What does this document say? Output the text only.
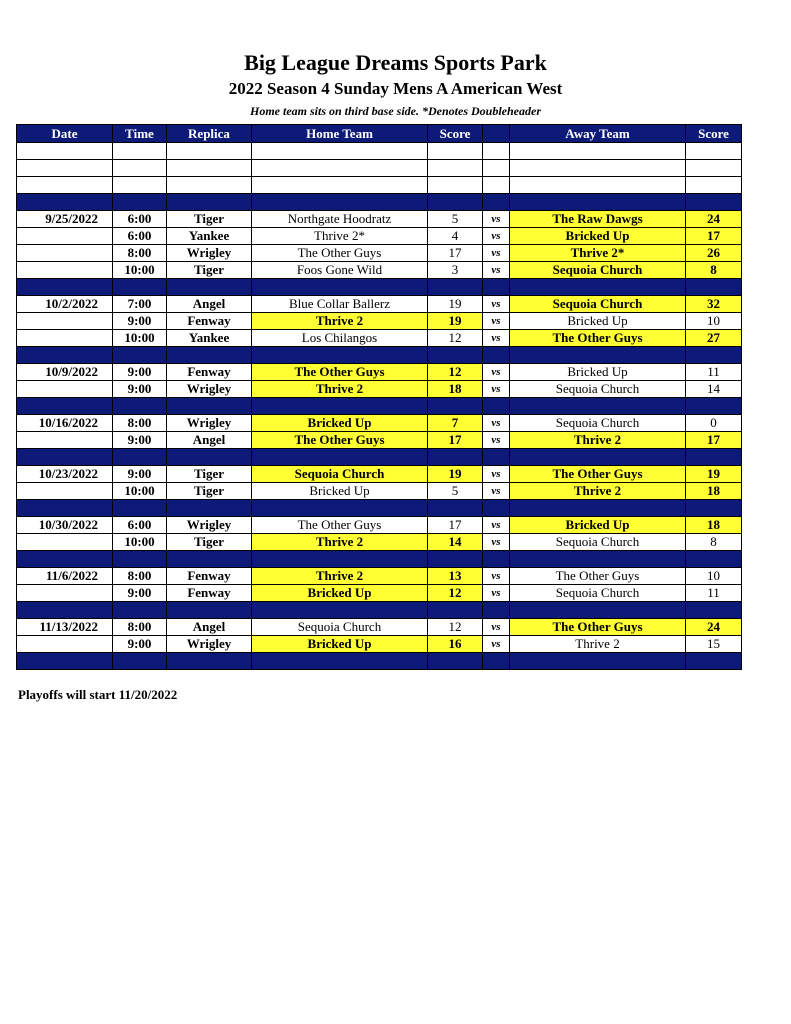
Big League Dreams Sports Park
2022 Season 4 Sunday Mens A American West
Home team sits on third base side. *Denotes Doubleheader
Date	Time	Replica	Home Team	Score		Away Team	Score

9/25/2022	6:00	Tiger	Northgate Hoodratz	5	vs	The Raw Dawgs	24
	6:00	Yankee	Thrive 2*	4	vs	Bricked Up	17
	8:00	Wrigley	The Other Guys	17	vs	Thrive 2*	26
	10:00	Tiger	Foos Gone Wild	3	vs	Sequoia Church	8

10/2/2022	7:00	Angel	Blue Collar Ballerz	19	vs	Sequoia Church	32
	9:00	Fenway	Thrive 2	19	vs	Bricked Up	10
	10:00	Yankee	Los Chilangos	12	vs	The Other Guys	27

10/9/2022	9:00	Fenway	The Other Guys	12	vs	Bricked Up	11
	9:00	Wrigley	Thrive 2	18	vs	Sequoia Church	14

10/16/2022	8:00	Wrigley	Bricked Up	7	vs	Sequoia Church	0
	9:00	Angel	The Other Guys	17	vs	Thrive 2	17

10/23/2022	9:00	Tiger	Sequoia Church	19	vs	The Other Guys	19
	10:00	Tiger	Bricked Up	5	vs	Thrive 2	18

10/30/2022	6:00	Wrigley	The Other Guys	17	vs	Bricked Up	18
	10:00	Tiger	Thrive 2	14	vs	Sequoia Church	8

11/6/2022	8:00	Fenway	Thrive 2	13	vs	The Other Guys	10
	9:00	Fenway	Bricked Up	12	vs	Sequoia Church	11

11/13/2022	8:00	Angel	Sequoia Church	12	vs	The Other Guys	24
	9:00	Wrigley	Bricked Up	16	vs	Thrive 2	15

Playoffs will start 11/20/2022
